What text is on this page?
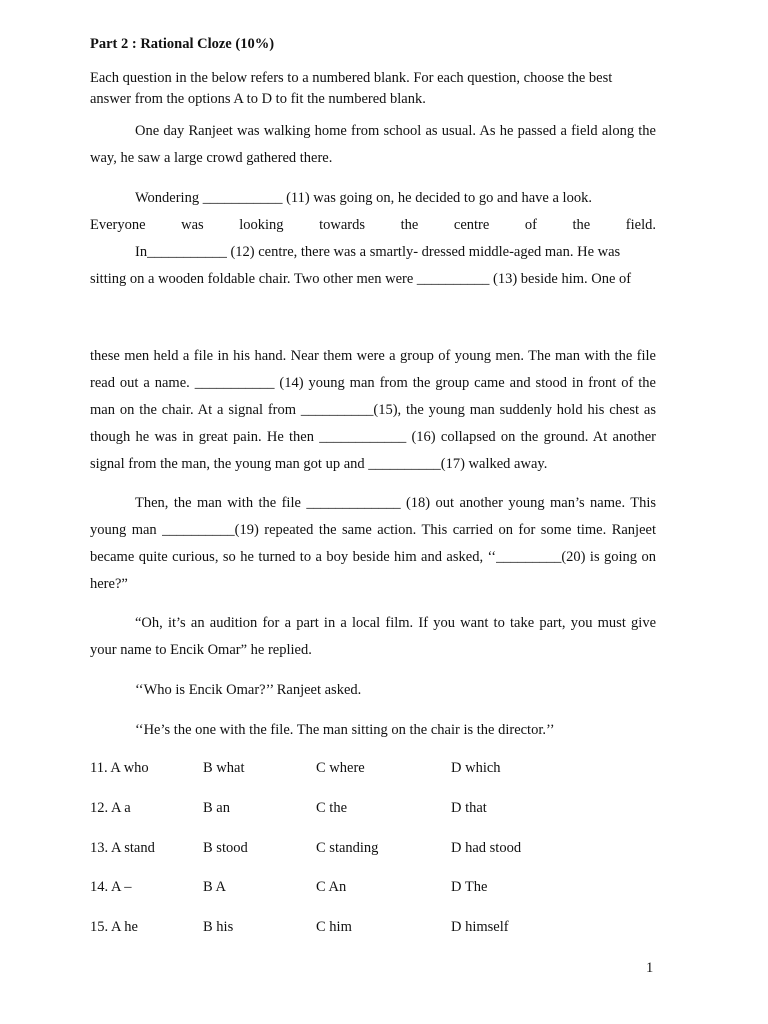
Part 2 : Rational Cloze (10%)
Each question in the below refers to a numbered blank. For each question, choose the best answer from the options A to D to fit the numbered blank.
One day Ranjeet was walking home from school as usual. As he passed a field along the way, he saw a large crowd gathered there.
Wondering ___________ (11) was going on, he decided to go and have a look.
Everyone was looking towards the centre of the field.
In___________ (12) centre, there was a smartly- dressed middle-aged man. He was
sitting on a wooden foldable chair. Two other men were __________ (13) beside him. One of
these men held a file in his hand. Near them were a group of young men. The man with the file read out a name. ___________ (14) young man from the group came and stood in front of the man on the chair. At a signal from __________(15), the young man suddenly hold his chest as though he was in great pain. He then ____________ (16) collapsed on the ground. At another signal from the man, the young man got up and __________(17) walked away.
Then, the man with the file _____________ (18) out another young man’s name. This young man __________(19) repeated the same action. This carried on for some time. Ranjeet became quite curious, so he turned to a boy beside him and asked, ‘‘_________(20) is going on here?”
“Oh, it’s an audition for a part in a local film. If you want to take part, you must give your name to Encik Omar” he replied.
‘‘Who is Encik Omar?’’ Ranjeet asked.
‘‘He’s the one with the file. The man sitting on the chair is the director.’’
11. A who	B what	C where	D which
12. A a	B an	C the	D that
13. A stand	B stood	C standing	D had stood
14. A –	B A	C An	D The
15. A he	B his	C him	D himself
1
